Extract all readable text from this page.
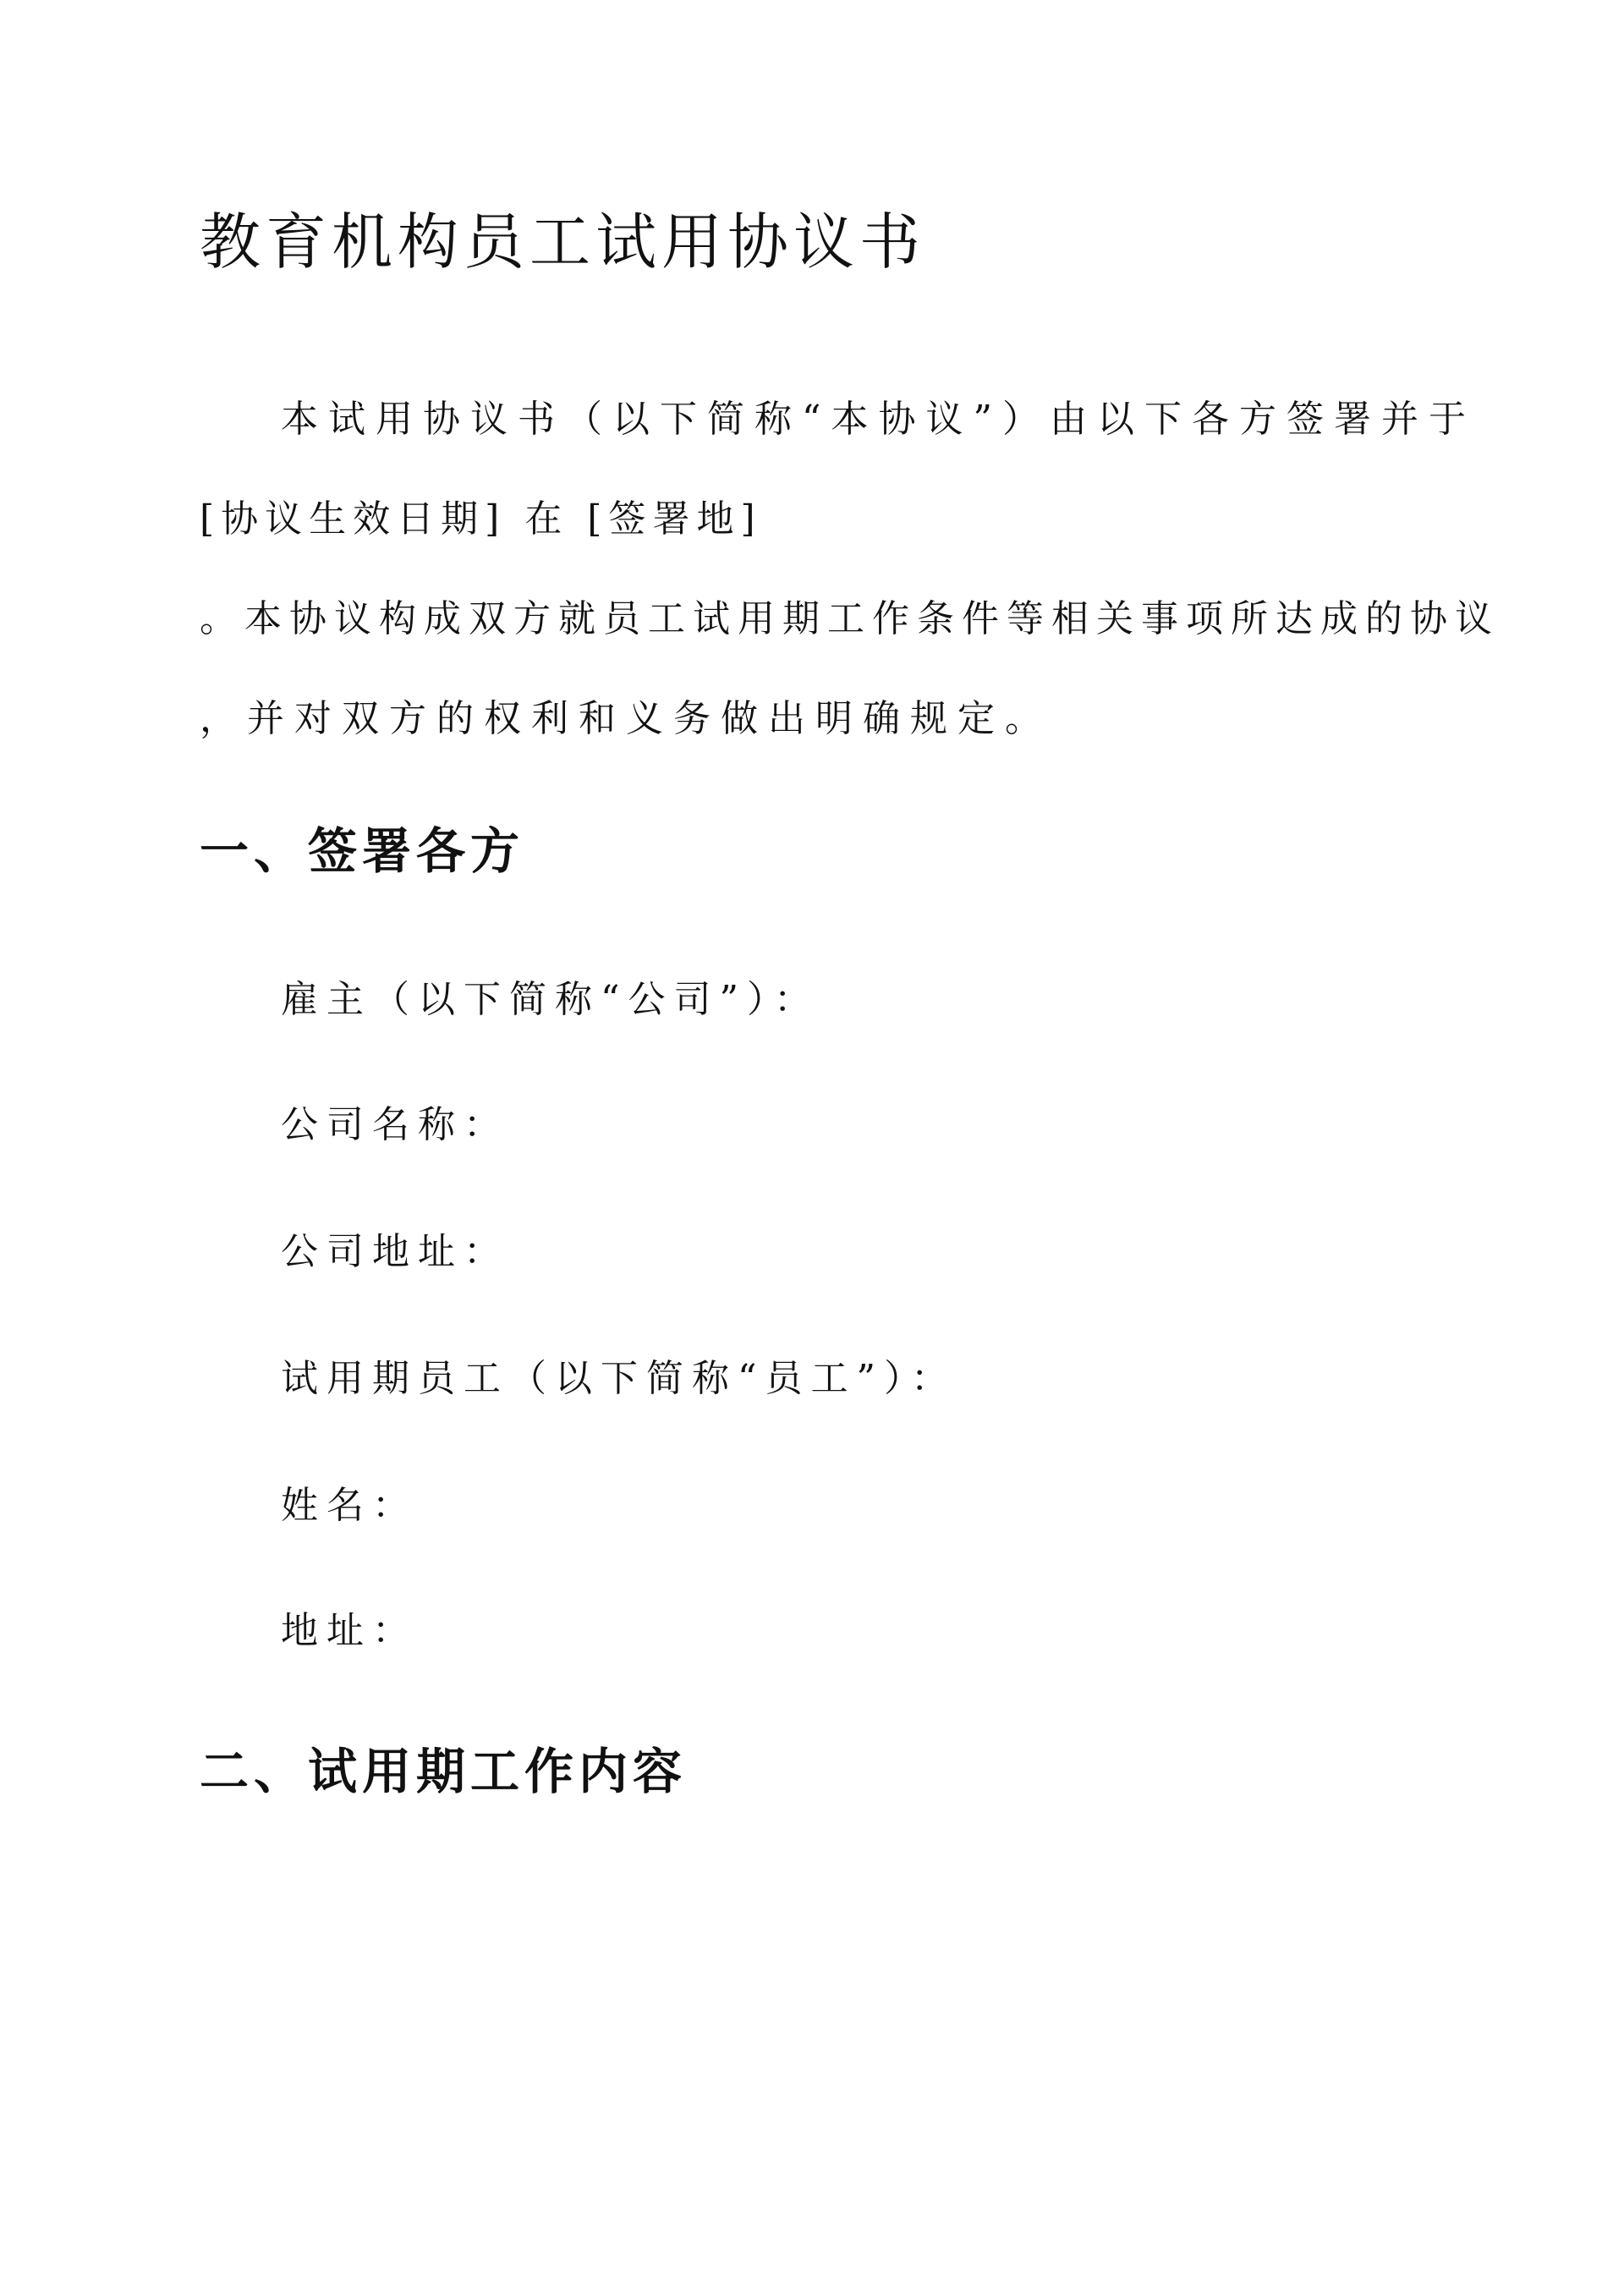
教育机构员工试用协议书

本试用协议书（以下简称“本协议”）由以下各方签署并于

[协议生效日期] 在 [签署地]

。本协议构成双方就员工试用期工作条件等相关事项所达成的协议

，并对双方的权利和义务做出明确规定。

一、签署各方

雇主（以下简称“公司”）：

公司名称：

公司地址：

试用期员工（以下简称“员工”）：

姓名：

地址：

二、试用期工作内容
